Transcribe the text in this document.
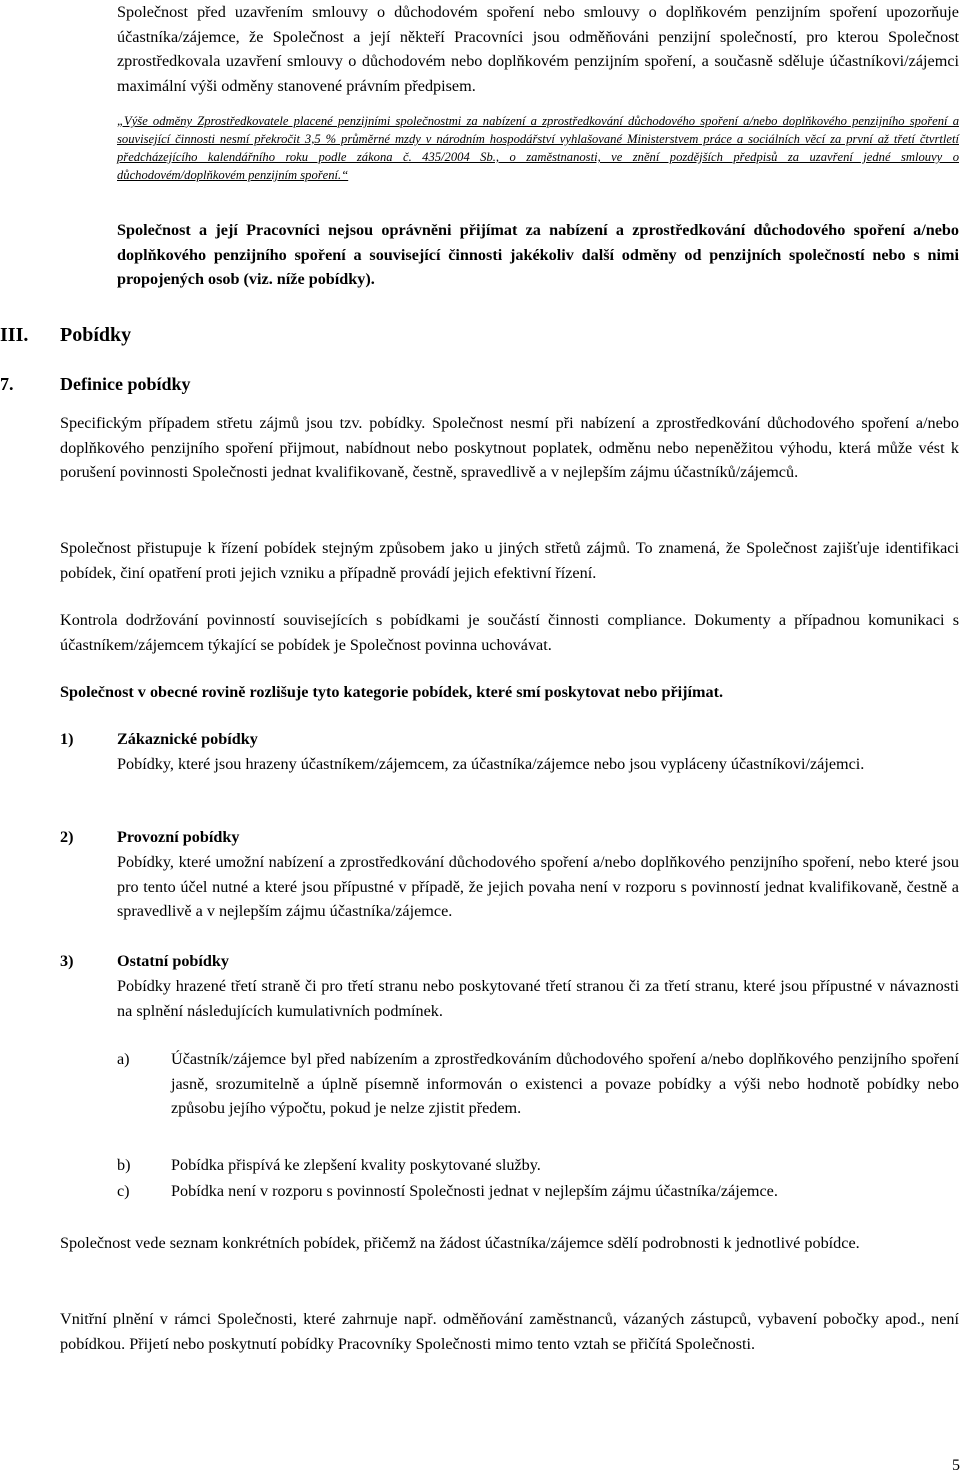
Společnost před uzavřením smlouvy o důchodovém spoření nebo smlouvy o doplňkovém penzijním spoření upozorňuje účastníka/zájemce, že Společnost a její někteří Pracovníci jsou odměňováni penzijní společností, pro kterou Společnost zprostředkovala uzavření smlouvy o důchodovém nebo doplňkovém penzijním spoření, a současně sděluje účastníkovi/zájemci maximální výši odměny stanovené právním předpisem.

„Výše odměny Zprostředkovatele placené penzijními společnostmi za nabízení a zprostředkování důchodového spoření a/nebo doplňkového penzijního spoření a související činnosti nesmí překročit 3,5 % průměrné mzdy v národním hospodářství vyhlašované Ministerstvem práce a sociálních věcí za první až třetí čtvrtletí předcházejícího kalendářního roku podle zákona č. 435/2004 Sb., o zaměstnanosti, ve znění pozdějších předpisů za uzavření jedné smlouvy o důchodovém/doplňkovém penzijním spoření.“

Společnost a její Pracovníci nejsou oprávněni přijímat za nabízení a zprostředkování důchodového spoření a/nebo doplňkového penzijního spoření a související činnosti jakékoliv další odměny od penzijních společností nebo s nimi propojených osob (viz. níže pobídky).

III. Pobídky
7.	Definice pobídky

Specifickým případem střetu zájmů jsou tzv. pobídky. Společnost nesmí při nabízení a zprostředkování důchodového spoření a/nebo doplňkového penzijního spoření přijmout, nabídnout nebo poskytnout poplatek, odměnu nebo nepeněžitou výhodu, která může vést k porušení povinnosti Společnosti jednat kvalifikovaně, čestně, spravedlivě a v nejlepším zájmu účastníků/zájemců.

Společnost přistupuje k řízení pobídek stejným způsobem jako u jiných střetů zájmů. To znamená, že Společnost zajišťuje identifikaci pobídek, činí opatření proti jejich vzniku a případně provádí jejich efektivní řízení.

Kontrola dodržování povinností souvisejících s pobídkami je součástí činnosti compliance. Dokumenty a případnou komunikaci s účastníkem/zájemcem týkající se pobídek je Společnost povinna uchovávat.

Společnost v obecné rovině rozlišuje tyto kategorie pobídek, které smí poskytovat nebo přijímat.

1)	Zákaznické pobídky

Pobídky, které jsou hrazeny účastníkem/zájemcem, za účastníka/zájemce nebo jsou vypláceny účastníkovi/zájemci.

2)	Provozní pobídky

Pobídky, které umožní nabízení a zprostředkování důchodového spoření a/nebo doplňkového penzijního spoření, nebo které jsou pro tento účel nutné a které jsou přípustné v případě, že jejich povaha není v rozporu s povinností jednat kvalifikovaně, čestně a spravedlivě a v nejlepším zájmu účastníka/zájemce.

3)	Ostatní pobídky

Pobídky hrazené třetí straně či pro třetí stranu nebo poskytované třetí stranou či za třetí stranu, které jsou přípustné v návaznosti na splnění následujících kumulativních podmínek.

a)	Účastník/zájemce byl před nabízením a zprostředkováním důchodového spoření a/nebo doplňkového penzijního spoření jasně, srozumitelně a úplně písemně informován o existenci a povaze pobídky a výši nebo hodnotě pobídky nebo způsobu jejího výpočtu, pokud je nelze zjistit předem.

b)	Pobídka přispívá ke zlepšení kvality poskytované služby.

c)	Pobídka není v rozporu s povinností Společnosti jednat v nejlepším zájmu účastníka/zájemce.

Společnost vede seznam konkrétních pobídek, přičemž na žádost účastníka/zájemce sdělí podrobnosti k jednotlivé pobídce.

Vnitřní plnění v rámci Společnosti, které zahrnuje např. odměňování zaměstnanců, vázaných zástupců, vybavení pobočky apod., není pobídkou. Přijetí nebo poskytnutí pobídky Pracovníky Společnosti mimo tento vztah se přičítá Společnosti.

5
